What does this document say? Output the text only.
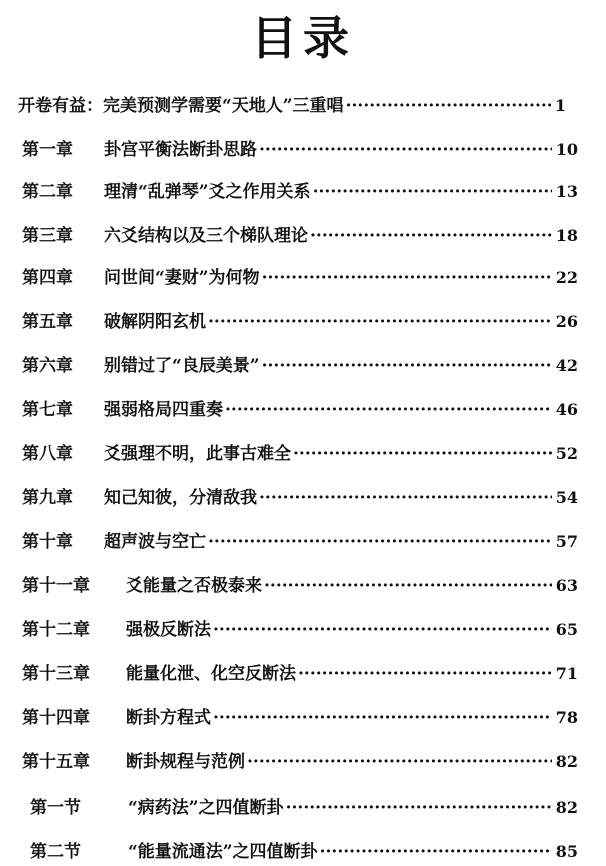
目录
开卷有益：完美预测学需要“天地人”三重唱 ·····	1
第一章 卦宫平衡法断卦思路 ·····	10
第二章 理清“乱弹琴”爻之作用关系 ·····	13
第三章 六爻结构以及三个梯队理论 ·····	18
第四章 问世间“妻财”为何物 ·····	22
第五章 破解阴阳玄机 ·····	26
第六章 别错过了“良辰美景” ·····	42
第七章 强弱格局四重奏 ·····	46
第八章 爻强理不明，此事古难全 ·····	52
第九章 知己知彼，分清敌我 ·····	54
第十章 超声波与空亡 ·····	57
第十一章 爻能量之否极泰来 ·····	63
第十二章 强极反断法 ·····	65
第十三章 能量化泄、化空反断法 ·····	71
第十四章 断卦方程式 ·····	78
第十五章 断卦规程与范例 ·····	82
第一节	“病药法”之四值断卦 ·····	82
第二节	“能量流通法”之四值断卦 ·····	85
